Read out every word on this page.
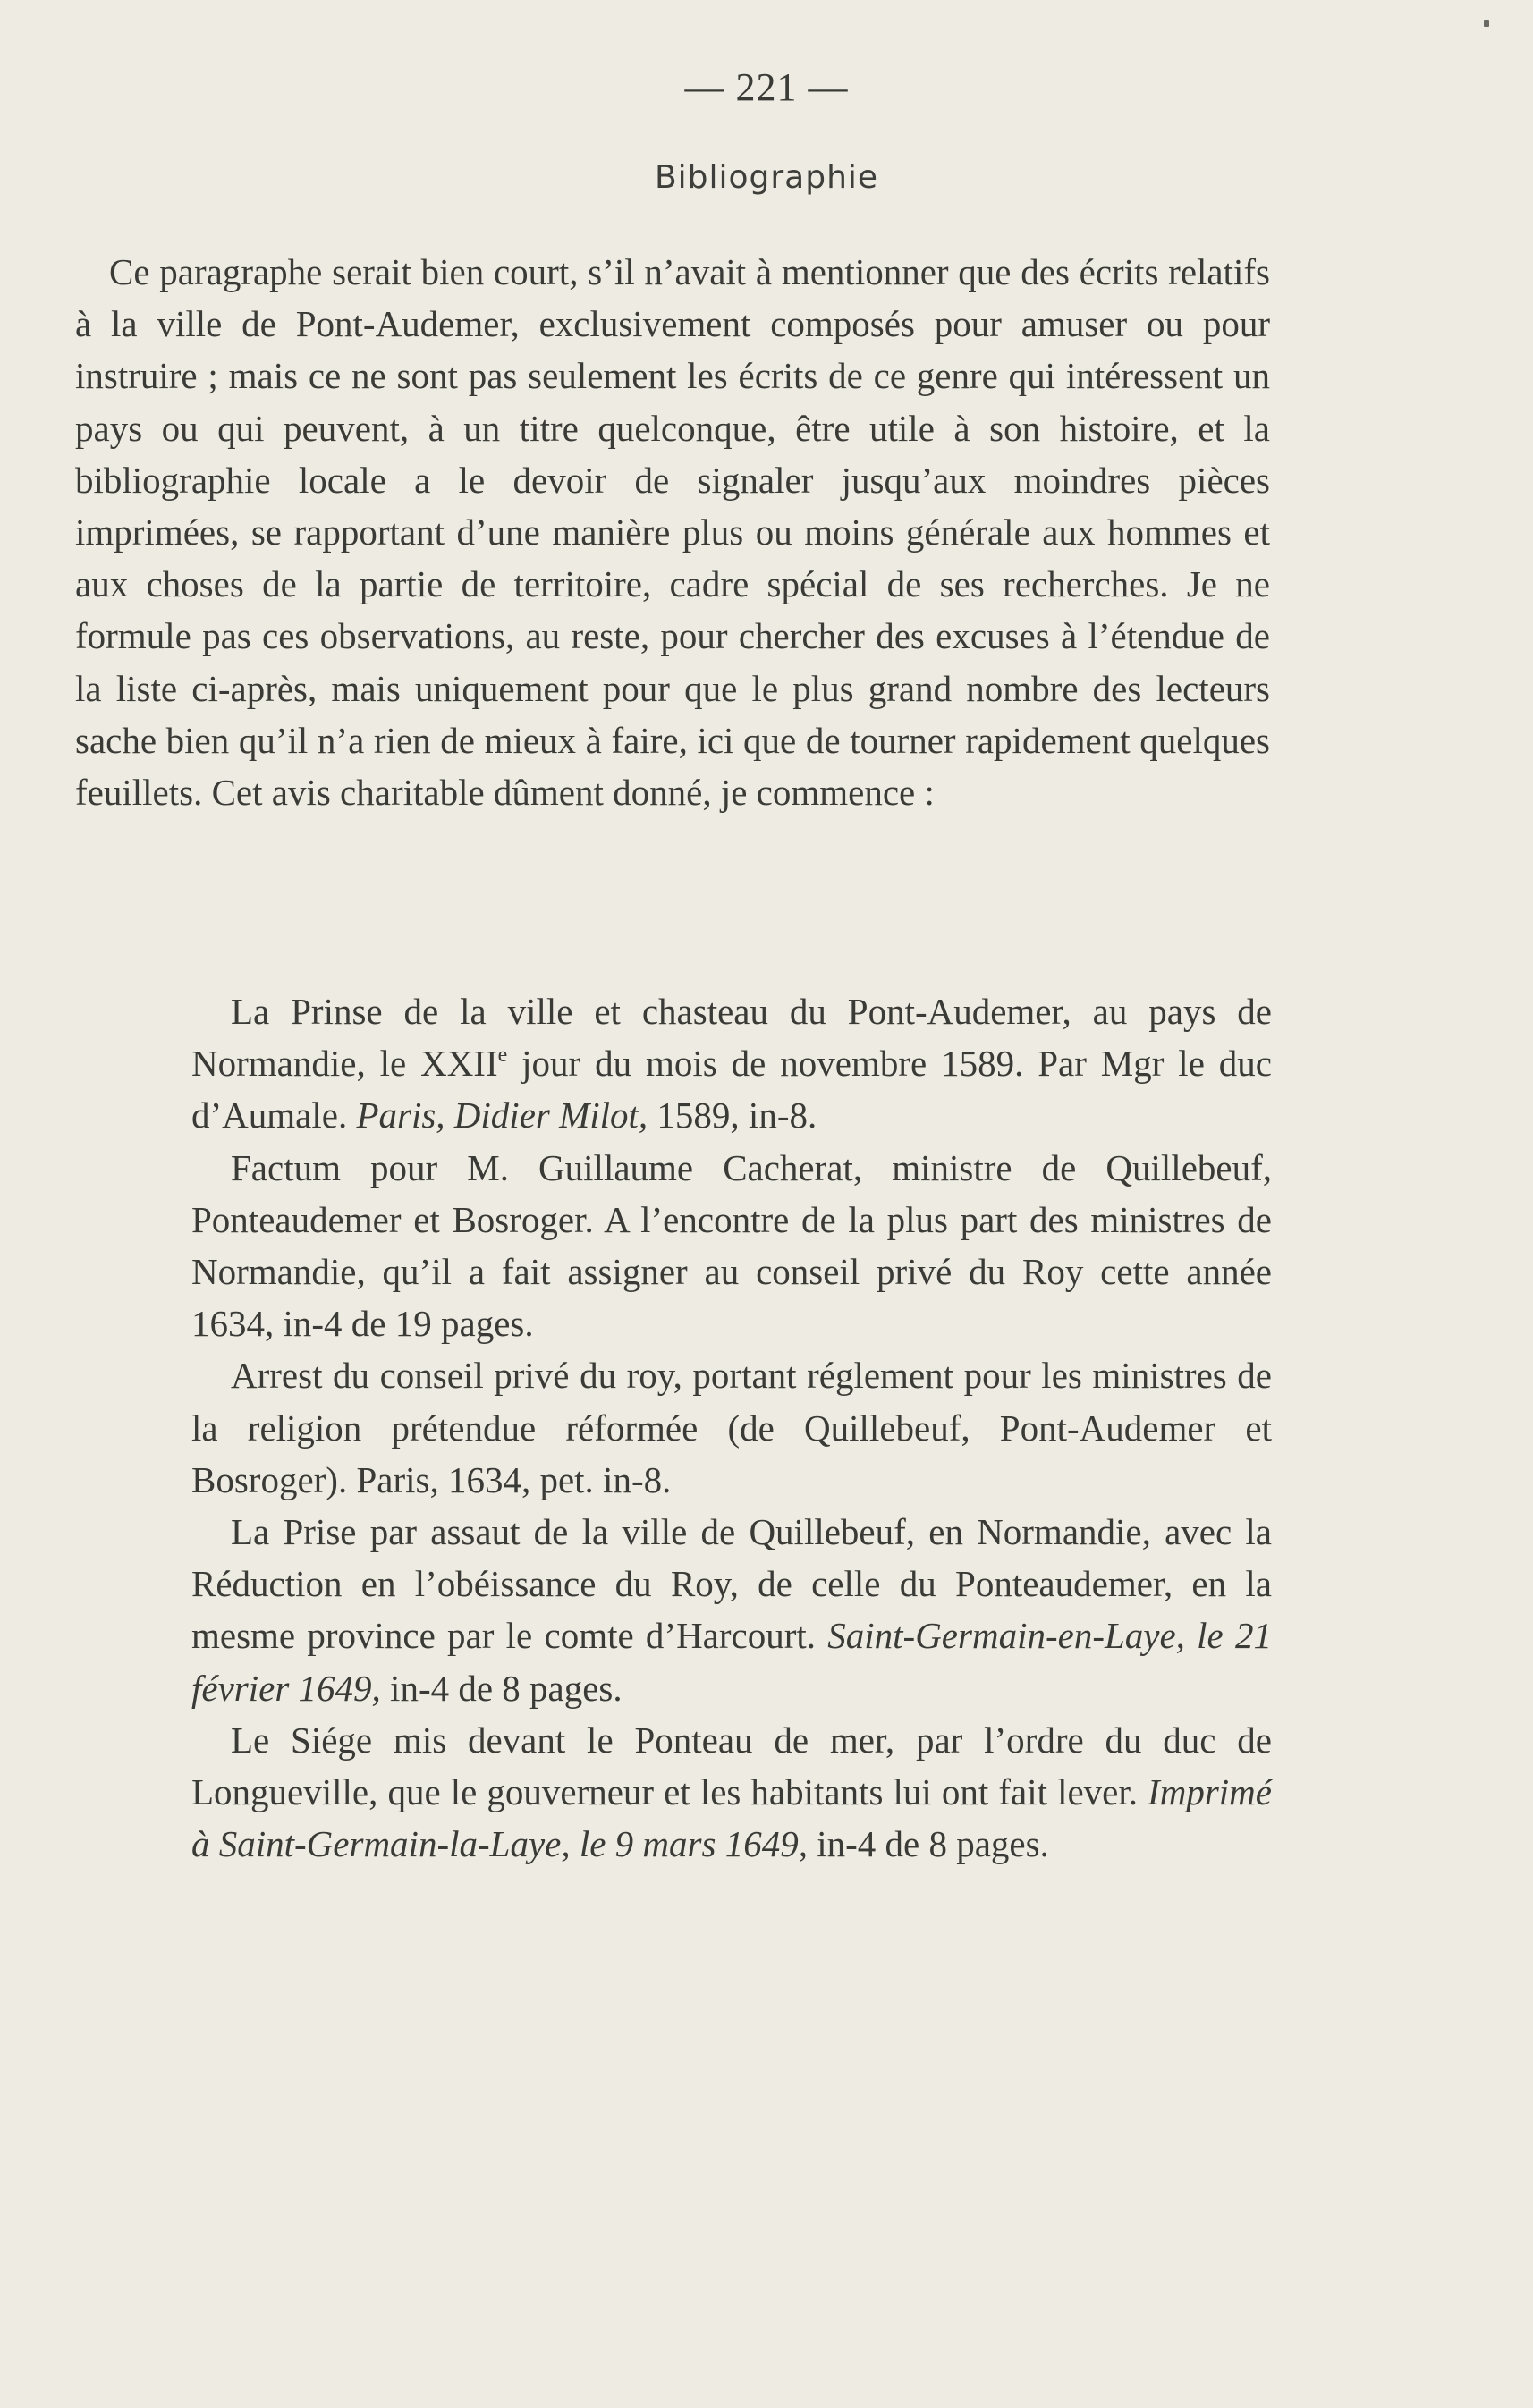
— 221 —
Bibliographie

Ce paragraphe serait bien court, s’il n’avait à mentionner que des écrits relatifs à la ville de Pont-Audemer, exclusivement composés pour amuser ou pour instruire ; mais ce ne sont pas seulement les écrits de ce genre qui intéressent un pays ou qui peuvent, à un titre quelconque, être utile à son histoire, et la bibliographie locale a le devoir de signaler jusqu’aux moindres pièces imprimées, se rapportant d’une manière plus ou moins générale aux hommes et aux choses de la partie de territoire, cadre spécial de ses recherches. Je ne formule pas ces observations, au reste, pour chercher des excuses à l’étendue de la liste ci-après, mais uniquement pour que le plus grand nombre des lecteurs sache bien qu’il n’a rien de mieux à faire, ici que de tourner rapidement quelques feuillets. Cet avis charitable dûment donné, je commence :

La Prinse de la ville et chasteau du Pont-Audemer, au pays de Normandie, le XXIIe jour du mois de novembre 1589. Par Mgr le duc d’Aumale. Paris, Didier Milot, 1589, in-8.

Factum pour M. Guillaume Cacherat, ministre de Quillebeuf, Ponteaudemer et Bosroger. A l’encontre de la plus part des ministres de Normandie, qu’il a fait assigner au conseil privé du Roy cette année 1634, in-4 de 19 pages.

Arrest du conseil privé du roy, portant réglement pour les ministres de la religion prétendue réformée (de Quillebeuf, Pont-Audemer et Bosroger). Paris, 1634, pet. in-8.

La Prise par assaut de la ville de Quillebeuf, en Normandie, avec la Réduction en l’obéissance du Roy, de celle du Ponteaudemer, en la mesme province par le comte d’Harcourt. Saint-Germain-en-Laye, le 21 février 1649, in-4 de 8 pages.

Le Siége mis devant le Ponteau de mer, par l’ordre du duc de Longueville, que le gouverneur et les habitants lui ont fait lever. Imprimé à Saint-Germain-la-Laye, le 9 mars 1649, in-4 de 8 pages.
